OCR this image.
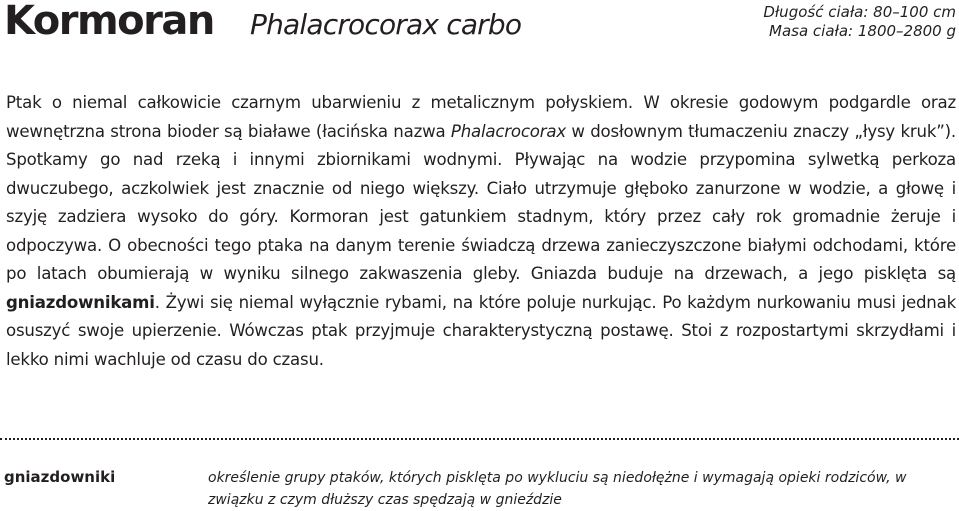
Kormoran Phalacrocorax carbo	Długość ciała: 80–100 cm
Masa ciała: 1800–2800 g
Ptak o niemal całkowicie czarnym ubarwieniu z metalicznym połyskiem. W okresie godowym podgardle oraz wewnętrzna strona bioder są białawe (łacińska nazwa Phalacrocorax w dosłownym tłumaczeniu znaczy „łysy kruk”). Spotkamy go nad rzeką i innymi zbiornikami wodnymi. Pływając na wodzie przypomina sylwetką perkoza dwuczubego, aczkolwiek jest znacznie od niego większy. Ciało utrzymuje głęboko zanurzone w wodzie, a głowę i szyję zadziera wysoko do góry. Kormoran jest gatunkiem stadnym, który przez cały rok gromadnie żeruje i odpoczywa. O obecności tego ptaka na danym terenie świadczą drzewa zanieczyszczone białymi odchodami, które po latach obumierają w wyniku silnego zakwaszenia gleby. Gniazda buduje na drzewach, a jego pisklęta są gniazdownikami. Żywi się niemal wyłącznie rybami, na które poluje nurkując. Po każdym nurkowaniu musi jednak osuszyć swoje upierzenie. Wówczas ptak przyjmuje charakterystyczną postawę. Stoi z rozpostartymi skrzydłami i lekko nimi wachluje od czasu do czasu.
gniazdowniki	określenie grupy ptaków, których pisklęta po wykluciu są niedołężne i wymagają opieki rodziców, w związku z czym dłuższy czas spędzają w gnieździe
